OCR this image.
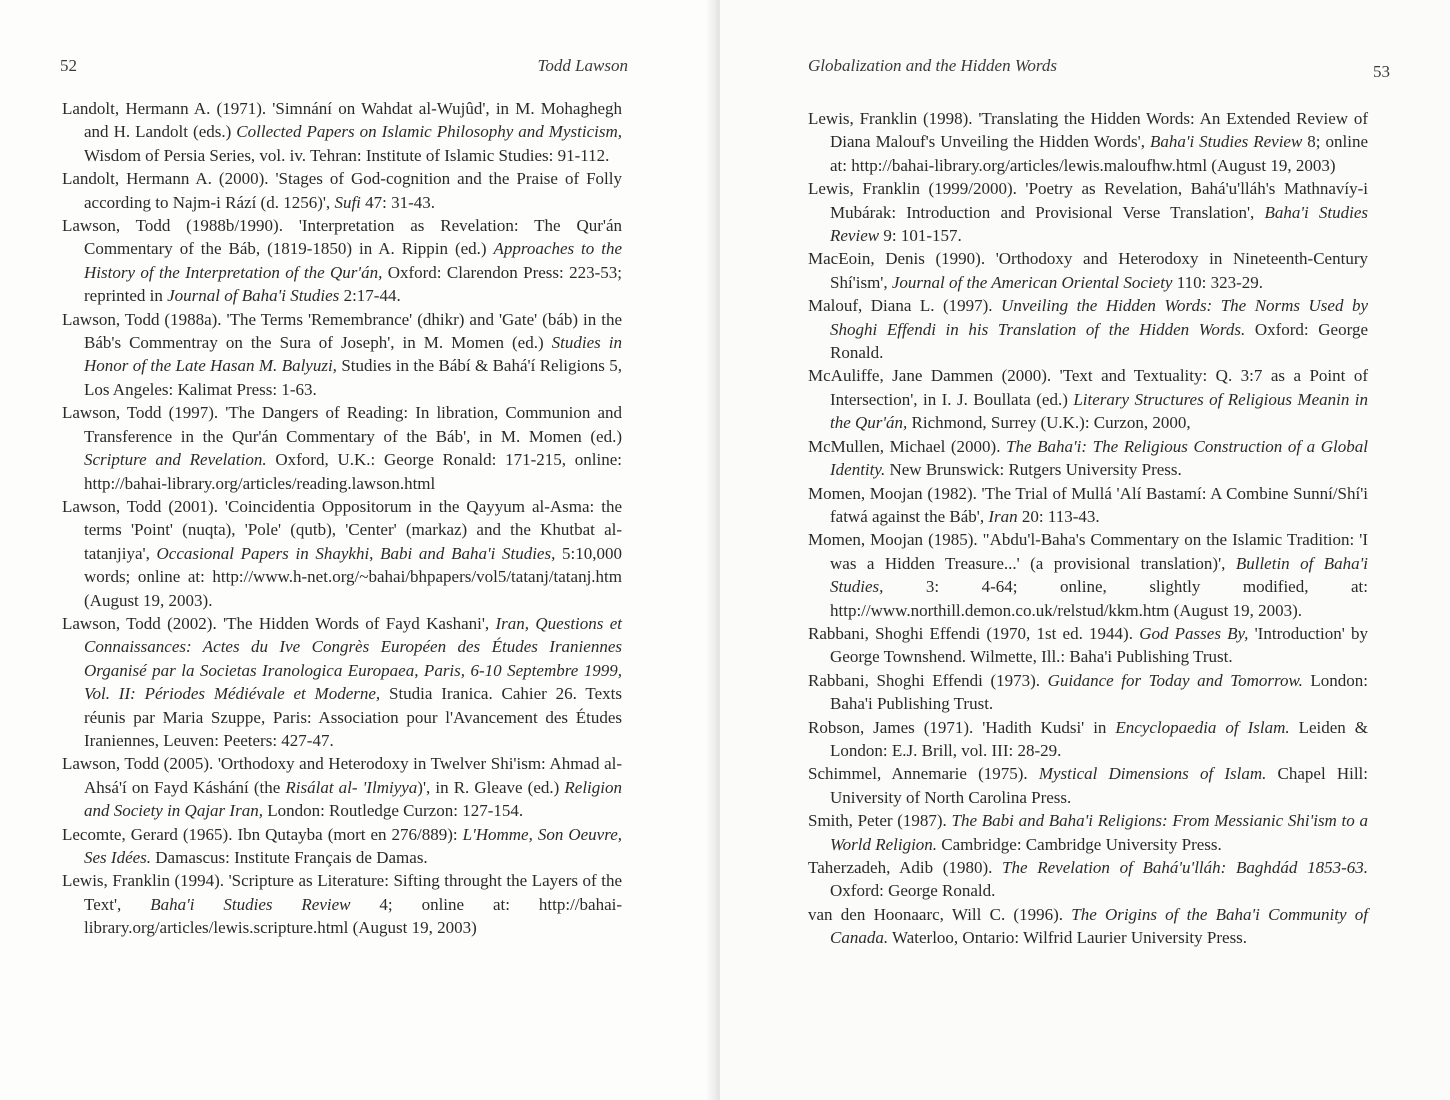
52	Todd Lawson
Landolt, Hermann A. (1971). 'Simnání on Wahdat al-Wujûd', in M. Mohaghegh and H. Landolt (eds.) Collected Papers on Islamic Philosophy and Mysticism, Wisdom of Persia Series, vol. iv. Tehran: Institute of Islamic Studies: 91-112.
Landolt, Hermann A. (2000). 'Stages of God-cognition and the Praise of Folly according to Najm-i Rází (d. 1256)', Sufi 47: 31-43.
Lawson, Todd (1988b/1990). 'Interpretation as Revelation: The Qur'án Commentary of the Báb, (1819-1850) in A. Rippin (ed.) Approaches to the History of the Interpretation of the Qur'án, Oxford: Clarendon Press: 223-53; reprinted in Journal of Baha'i Studies 2:17-44.
Lawson, Todd (1988a). 'The Terms 'Remembrance' (dhikr) and 'Gate' (báb) in the Báb's Commentray on the Sura of Joseph', in M. Momen (ed.) Studies in Honor of the Late Hasan M. Balyuzi, Studies in the Bábí & Bahá'í Religions 5, Los Angeles: Kalimat Press: 1-63.
Lawson, Todd (1997). 'The Dangers of Reading: In libration, Communion and Transference in the Qur'án Commentary of the Báb', in M. Momen (ed.) Scripture and Revelation. Oxford, U.K.: George Ronald: 171-215, online: http://bahai-library.org/articles/reading.lawson.html
Lawson, Todd (2001). 'Coincidentia Oppositorum in the Qayyum al-Asma: the terms 'Point' (nuqta), 'Pole' (qutb), 'Center' (markaz) and the Khutbat al-tatanjiya', Occasional Papers in Shaykhi, Babi and Baha'i Studies, 5:10,000 words; online at: http://www.h-net.org/~bahai/bhpapers/vol5/tatanj/tatanj.htm (August 19, 2003).
Lawson, Todd (2002). 'The Hidden Words of Fayd Kashani', Iran, Questions et Connaissances: Actes du Ive Congrès Européen des Études Iraniennes Organisé par la Societas Iranologica Europaea, Paris, 6-10 Septembre 1999, Vol. II: Périodes Médiévale et Moderne, Studia Iranica. Cahier 26. Texts réunis par Maria Szuppe, Paris: Association pour l'Avancement des Études Iraniennes, Leuven: Peeters: 427-47.
Lawson, Todd (2005). 'Orthodoxy and Heterodoxy in Twelver Shi'ism: Ahmad al-Ahsá'í on Fayd Káshání (the Risálat al- 'Ilmiyya)', in R. Gleave (ed.) Religion and Society in Qajar Iran, London: Routledge Curzon: 127-154.
Lecomte, Gerard (1965). Ibn Qutayba (mort en 276/889): L'Homme, Son Oeuvre, Ses Idées. Damascus: Institute Français de Damas.
Lewis, Franklin (1994). 'Scripture as Literature: Sifting throught the Layers of the Text', Baha'i Studies Review 4; online at: http://bahai-library.org/articles/lewis.scripture.html (August 19, 2003)
Globalization and the Hidden Words	53
Lewis, Franklin (1998). 'Translating the Hidden Words: An Extended Review of Diana Malouf's Unveiling the Hidden Words', Baha'i Studies Review 8; online at: http://bahai-library.org/articles/lewis.maloufhw.html (August 19, 2003)
Lewis, Franklin (1999/2000). 'Poetry as Revelation, Bahá'u'lláh's Mathnavíy-i Mubárak: Introduction and Provisional Verse Translation', Baha'i Studies Review 9: 101-157.
MacEoin, Denis (1990). 'Orthodoxy and Heterodoxy in Nineteenth-Century Shí'ism', Journal of the American Oriental Society 110: 323-29.
Malouf, Diana L. (1997). Unveiling the Hidden Words: The Norms Used by Shoghi Effendi in his Translation of the Hidden Words. Oxford: George Ronald.
McAuliffe, Jane Dammen (2000). 'Text and Textuality: Q. 3:7 as a Point of Intersection', in I. J. Boullata (ed.) Literary Structures of Religious Meanin in the Qur'án, Richmond, Surrey (U.K.): Curzon, 2000,
McMullen, Michael (2000). The Baha'i: The Religious Construction of a Global Identity. New Brunswick: Rutgers University Press.
Momen, Moojan (1982). 'The Trial of Mullá 'Alí Bastamí: A Combine Sunní/Shí'i fatwá against the Báb', Iran 20: 113-43.
Momen, Moojan (1985). "Abdu'l-Baha's Commentary on the Islamic Tradition: 'I was a Hidden Treasure...' (a provisional translation)', Bulletin of Baha'i Studies, 3: 4-64; online, slightly modified, at: http://www.northill.demon.co.uk/relstud/kkm.htm (August 19, 2003).
Rabbani, Shoghi Effendi (1970, 1st ed. 1944). God Passes By, 'Introduction' by George Townshend. Wilmette, Ill.: Baha'i Publishing Trust.
Rabbani, Shoghi Effendi (1973). Guidance for Today and Tomorrow. London: Baha'i Publishing Trust.
Robson, James (1971). 'Hadith Kudsi' in Encyclopaedia of Islam. Leiden & London: E.J. Brill, vol. III: 28-29.
Schimmel, Annemarie (1975). Mystical Dimensions of Islam. Chapel Hill: University of North Carolina Press.
Smith, Peter (1987). The Babi and Baha'i Religions: From Messianic Shi'ism to a World Religion. Cambridge: Cambridge University Press.
Taherzadeh, Adib (1980). The Revelation of Bahá'u'lláh: Baghdád 1853-63. Oxford: George Ronald.
van den Hoonaarc, Will C. (1996). The Origins of the Baha'i Community of Canada. Waterloo, Ontario: Wilfrid Laurier University Press.
